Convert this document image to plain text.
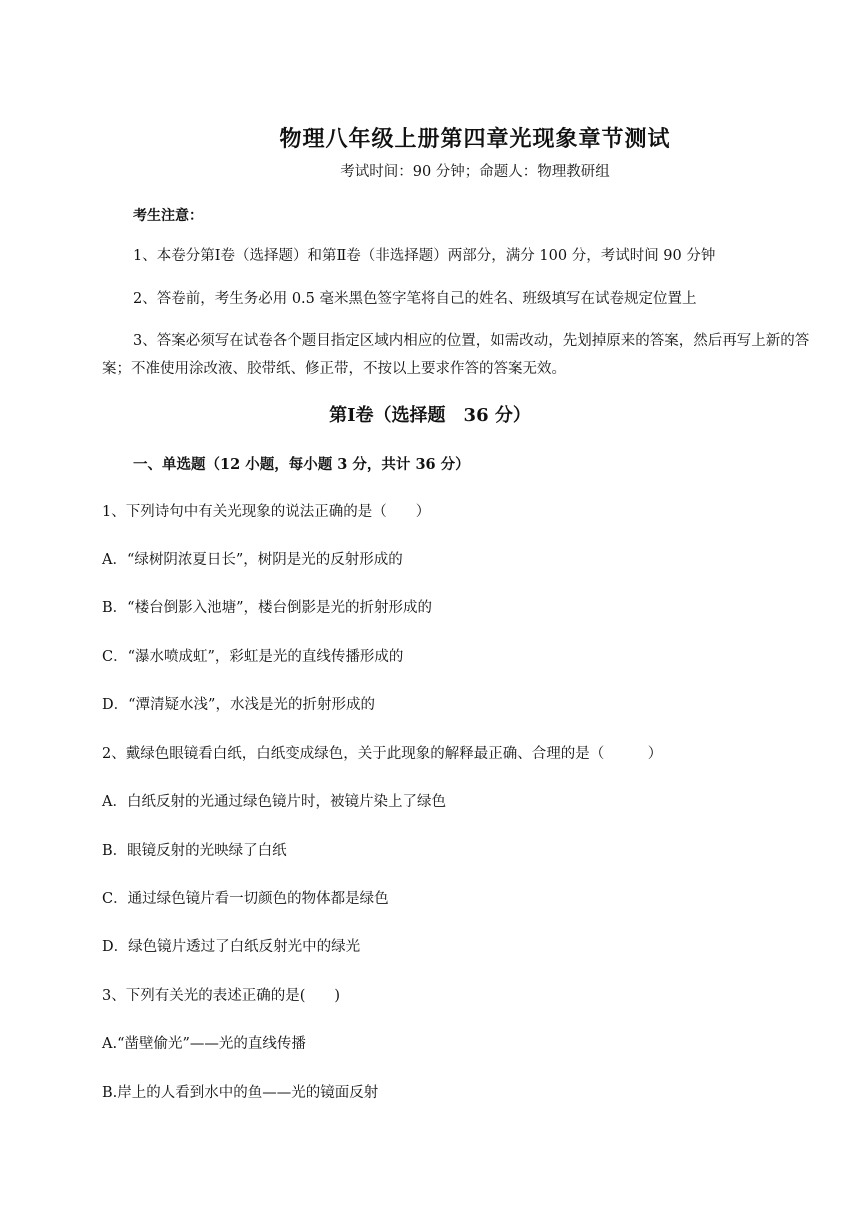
物理八年级上册第四章光现象章节测试
考试时间：90 分钟；命题人：物理教研组
考生注意：
1、本卷分第Ⅰ卷（选择题）和第Ⅱ卷（非选择题）两部分，满分 100 分，考试时间 90 分钟
2、答卷前，考生务必用 0.5 毫米黑色签字笔将自己的姓名、班级填写在试卷规定位置上
3、答案必须写在试卷各个题目指定区域内相应的位置，如需改动，先划掉原来的答案，然后再写上新的答案；不准使用涂改液、胶带纸、修正带，不按以上要求作答的答案无效。
第Ⅰ卷（选择题　36 分）
一、单选题（12 小题，每小题 3 分，共计 36 分）
1、下列诗句中有关光现象的说法正确的是（　　）
A．“绿树阴浓夏日长”，树阴是光的反射形成的
B．“楼台倒影入池塘”，楼台倒影是光的折射形成的
C．“瀑水喷成虹”，彩虹是光的直线传播形成的
D．“潭清疑水浅”，水浅是光的折射形成的
2、戴绿色眼镜看白纸，白纸变成绿色，关于此现象的解释最正确、合理的是（　　　）
A．白纸反射的光通过绿色镜片时，被镜片染上了绿色
B．眼镜反射的光映绿了白纸
C．通过绿色镜片看一切颜色的物体都是绿色
D．绿色镜片透过了白纸反射光中的绿光
3、下列有关光的表述正确的是(　　)
A.“凿壁偷光”——光的直线传播
B.岸上的人看到水中的鱼——光的镜面反射
